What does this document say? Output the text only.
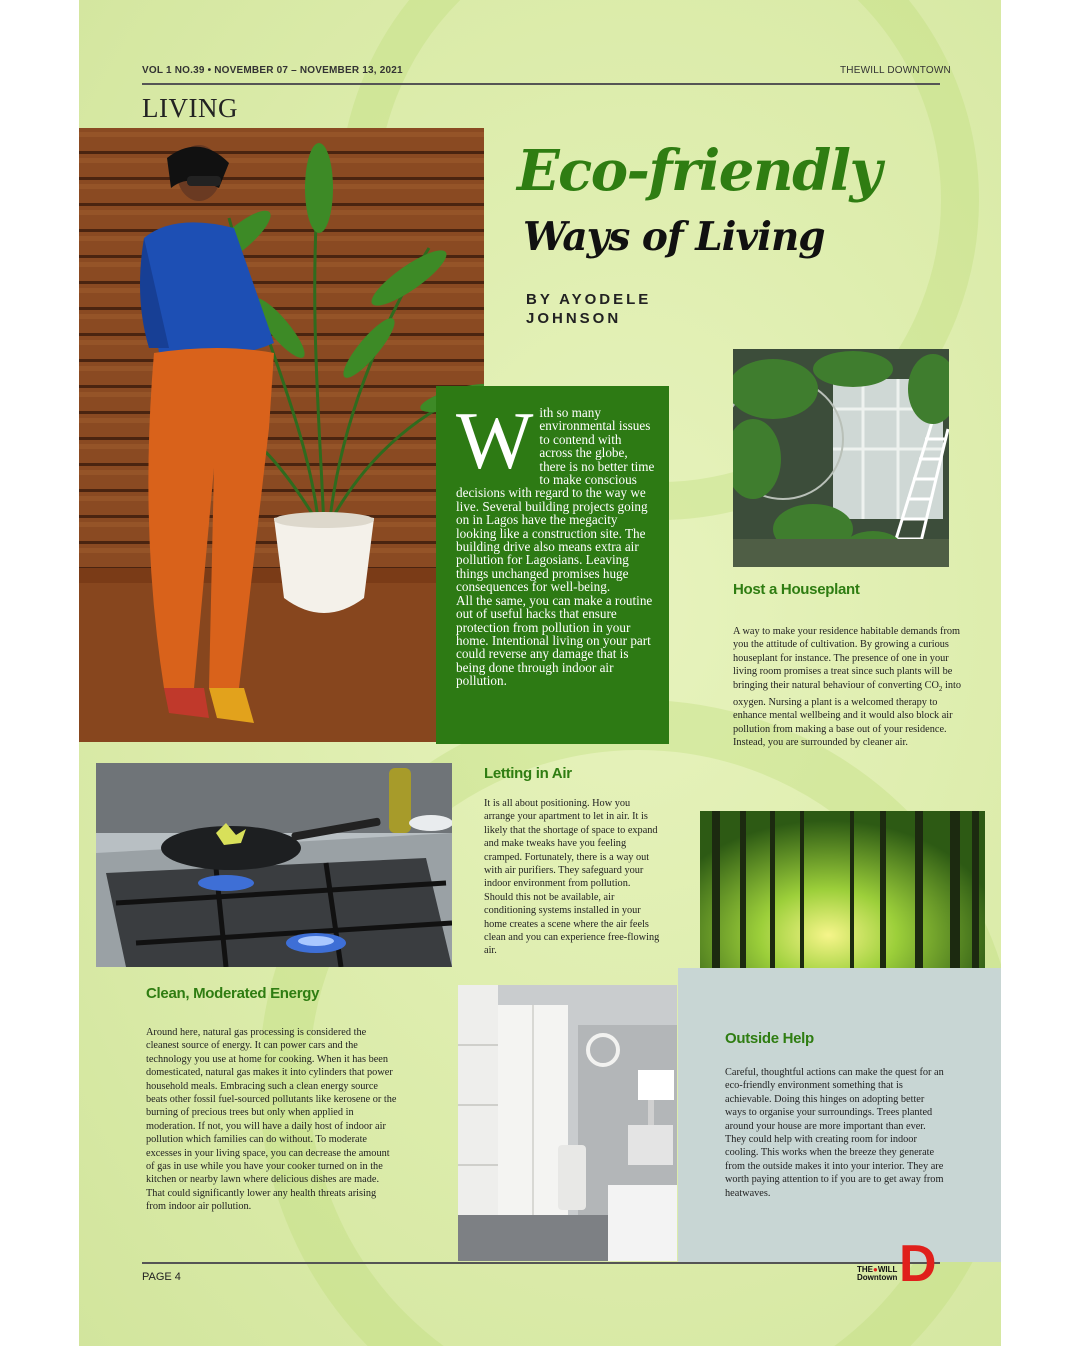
VOL 1 NO.39 • NOVEMBER 07 – NOVEMBER 13, 2021	THEWILL DOWNTOWN
LIVING
Eco-friendly
Ways of Living
BY AYODELE JOHNSON
W ith so many environmental issues to contend with across the globe, there is no better time to make conscious decisions with regard to the way we live. Several building projects going on in Lagos have the megacity looking like a construction site. The building drive also means extra air pollution for Lagosians. Leaving things unchanged promises huge consequences for well-being.
All the same, you can make a routine out of useful hacks that ensure protection from pollution in your home. Intentional living on your part could reverse any damage that is being done through indoor air pollution.
Host a Houseplant
A way to make your residence habitable demands from you the attitude of cultivation. By growing a curious houseplant for instance. The presence of one in your living room promises a treat since such plants will be bringing their natural behaviour of converting $CO_2$ into oxygen. Nursing a plant is a welcomed therapy to enhance mental wellbeing and it would also block air pollution from making a base out of your residence. Instead, you are surrounded by cleaner air.
Letting in Air
It is all about positioning. How you arrange your apartment to let in air. It is likely that the shortage of space to expand and make tweaks have you feeling cramped. Fortunately, there is a way out with air purifiers. They safeguard your indoor environment from pollution. Should this not be available, air conditioning systems installed in your home creates a scene where the air feels clean and you can experience free-flowing air.
Clean, Moderated Energy
Around here, natural gas processing is considered the cleanest source of energy. It can power cars and the technology you use at home for cooking. When it has been domesticated, natural gas makes it into cylinders that power household meals. Embracing such a clean energy source beats other fossil fuel-sourced pollutants like kerosene or the burning of precious trees but only when applied in moderation. If not, you will have a daily host of indoor air pollution which families can do without. To moderate excesses in your living space, you can decrease the amount of gas in use while you have your cooker turned on in the kitchen or nearby lawn where delicious dishes are made. That could significantly lower any health threats arising from indoor air pollution.
Outside Help
Careful, thoughtful actions can make the quest for an eco-friendly environment something that is achievable. Doing this hinges on adopting better ways to organise your surroundings. Trees planted around your house are more important than ever. They could help with creating room for indoor cooling. This works when the breeze they generate from the outside makes it into your interior. They are worth paying attention to if you are to get away from heatwaves.
PAGE 4
THE●WILL
Downtown D
